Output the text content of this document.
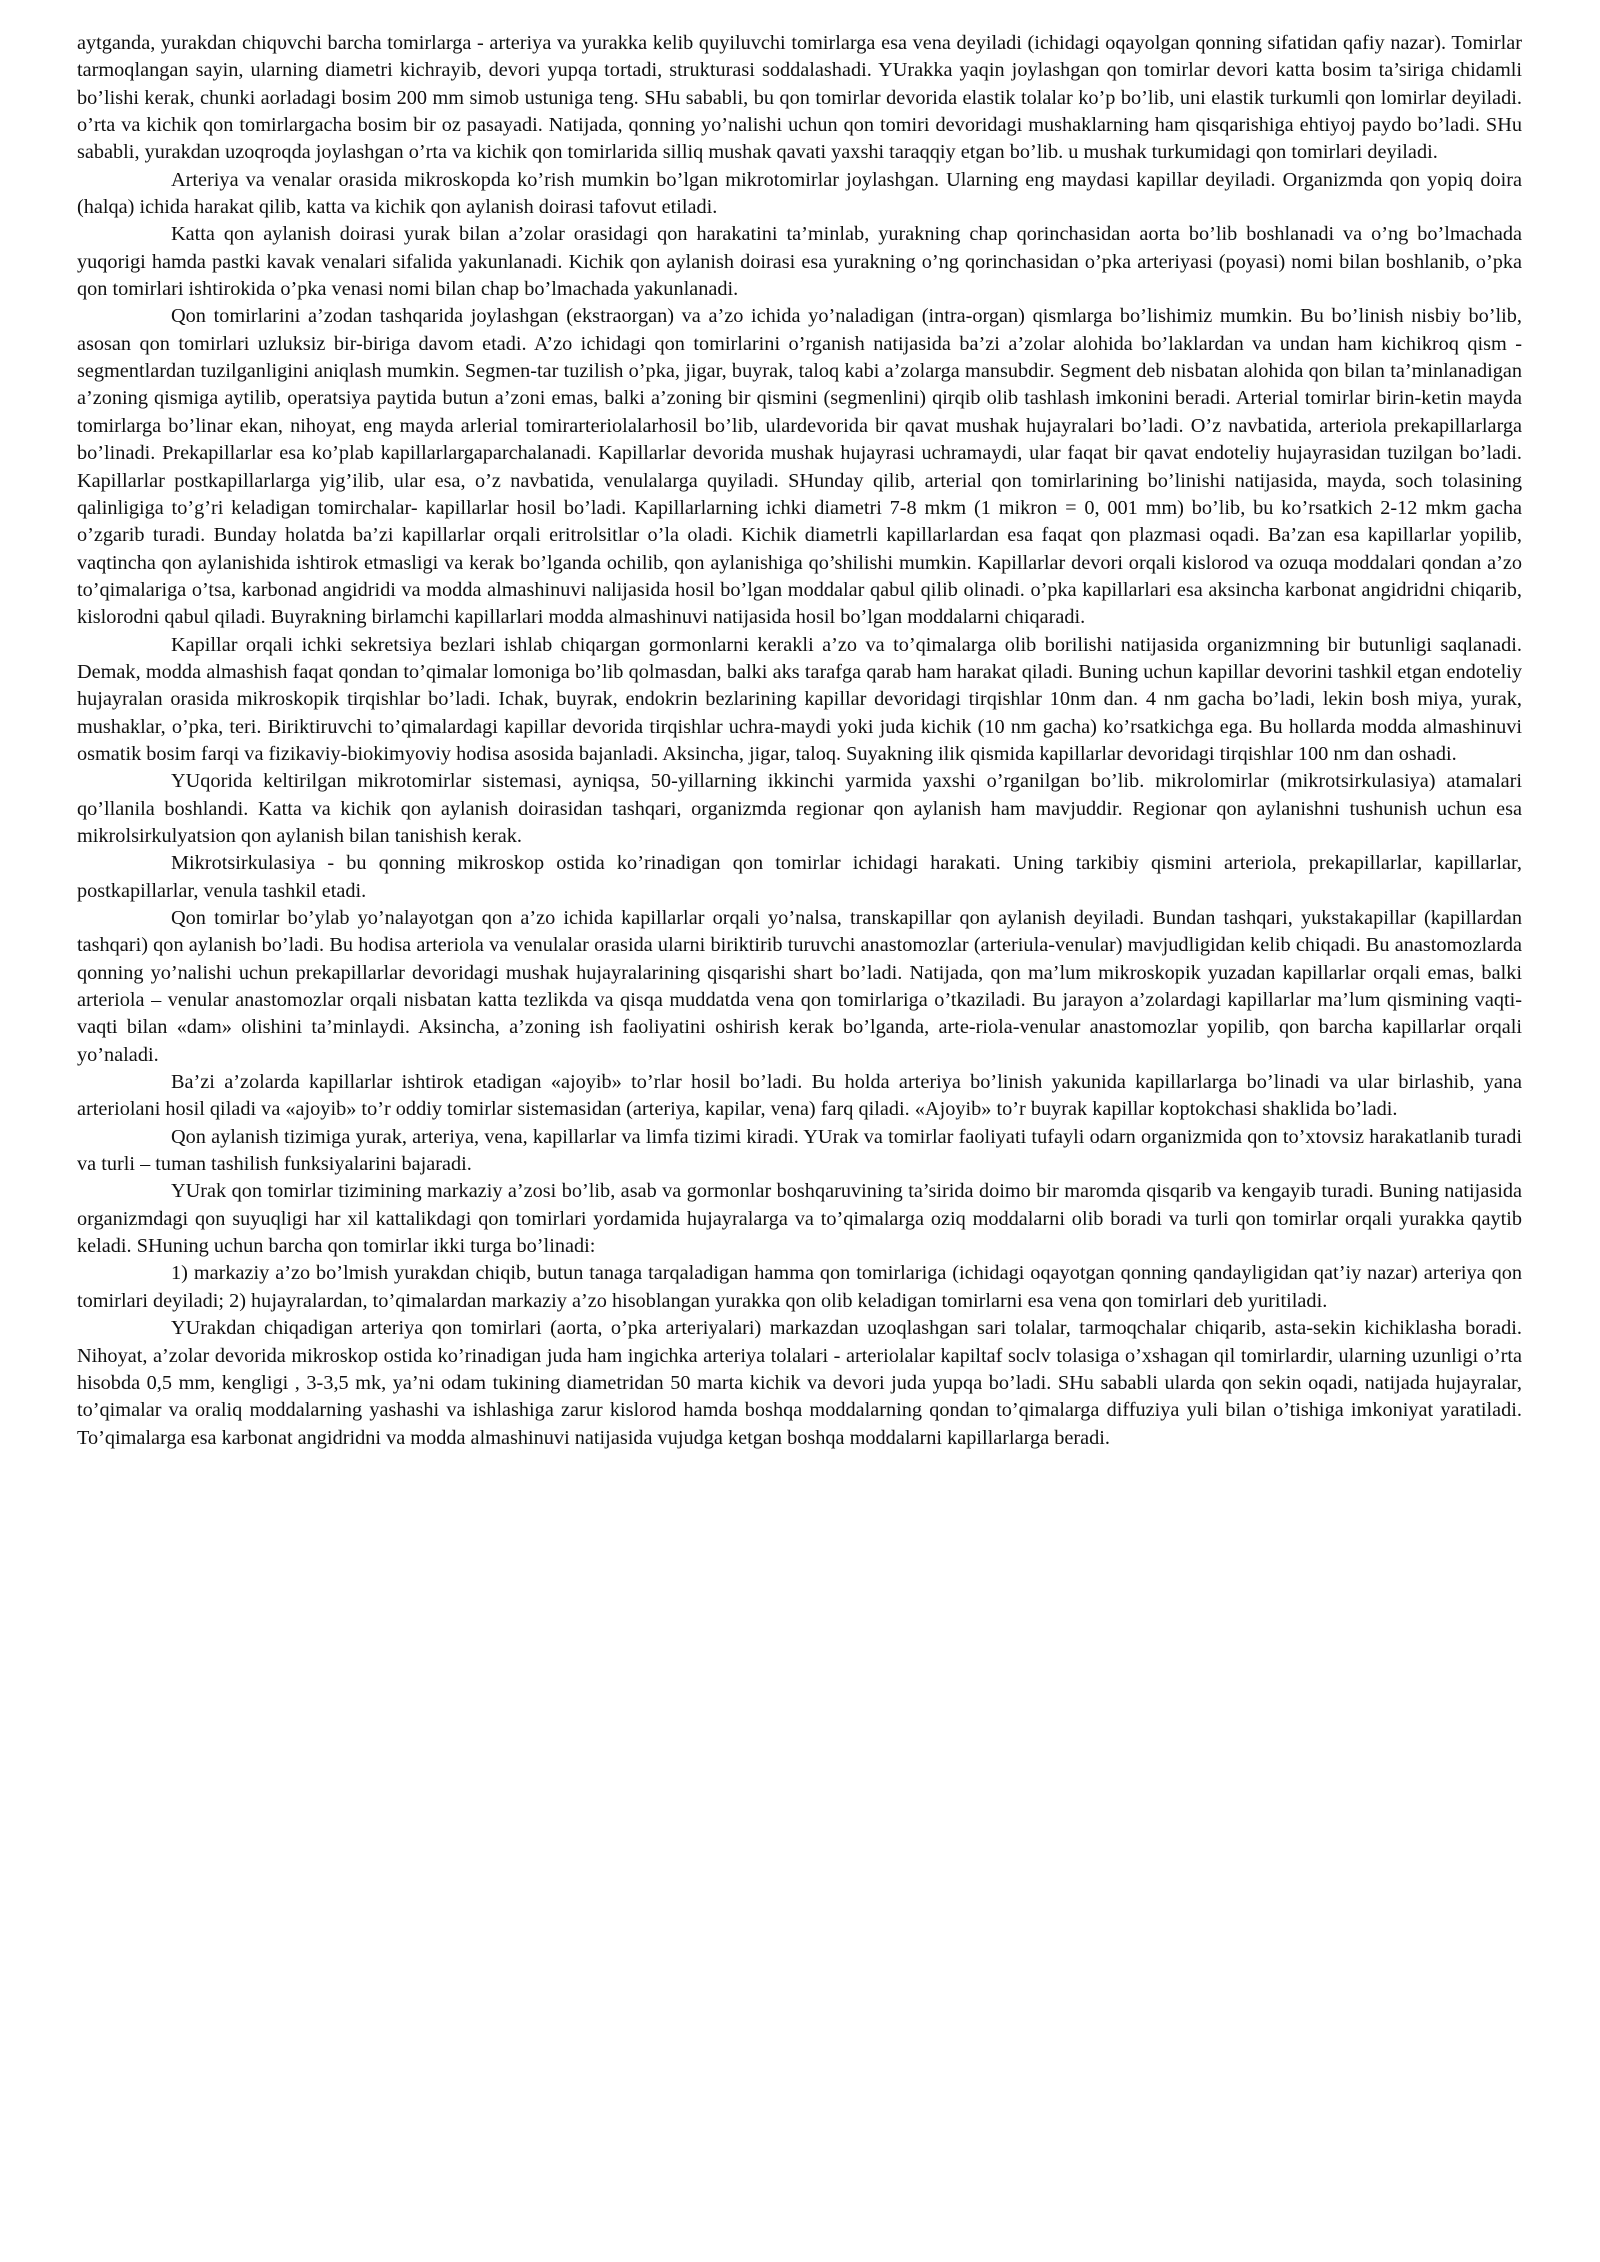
aytganda, yurakdan chiqυvchi barcha tomirlarga - arteriya va yurakka kelib quyiluvchi tomirlarga esa vena deyiladi (ichidagi oqayolgan qonning sifatidan qafiy nazar). Tomirlar tarmoqlangan sayin, ularning diametri kichrayib, devori yupqa tortadi, strukturasi soddalashadi. YUrakka yaqin joylashgan qon tomirlar devori katta bosim ta’siriga chidamli bo’lishi kerak, chunki aorladagi bosim 200 mm simob ustuniga teng. SHu sababli, bu qon tomirlar devorida elastik tolalar ko’p bo’lib, uni elastik turkumli qon lomirlar deyiladi. o’rta va kichik qon tomirlargacha bosim bir oz pasayadi. Natijada, qonning yo’nalishi uchun qon tomiri devoridagi mushaklarning ham qisqarishiga ehtiyoj paydo bo’ladi. SHu sababli, yurakdan uzoqroqda joylashgan o’rta va kichik qon tomirlarida silliq mushak qavati yaxshi taraqqiy etgan bo’lib. u mushak turkumidagi qon tomirlari deyiladi.

Arteriya va venalar orasida mikroskopda ko’rish mumkin bo’lgan mikrotomirlar joylashgan. Ularning eng maydasi kapillar deyiladi. Organizmda qon yopiq doira (halqa) ichida harakat qilib, katta va kichik qon aylanish doirasi tafovut etiladi.

Katta qon aylanish doirasi yurak bilan a’zolar orasidagi qon harakatini ta’minlab, yurakning chap qorinchasidan aorta bo’lib boshlanadi va o’ng bo’lmachada yuqorigi hamda pastki kavak venalari sifalida yakunlanadi. Kichik qon aylanish doirasi esa yurakning o’ng qorinchasidan o’pka arteriyasi (poyasi) nomi bilan boshlanib, o’pka qon tomirlari ishtirokida o’pka venasi nomi bilan chap bo’lmachada yakunlanadi.

Qon tomirlarini a’zodan tashqarida joylashgan (ekstraorgan) va a’zo ichida yo’naladigan (intra-organ) qismlarga bo’lishimiz mumkin. Bu bo’linish nisbiy bo’lib, asosan qon tomirlari uzluksiz bir-biriga davom etadi. A’zo ichidagi qon tomirlarini o’rganish natijasida ba’zi a’zolar alohida bo’laklardan va undan ham kichikroq qism - segmentlardan tuzilganligini aniqlash mumkin. Segmen-tar tuzilish o’pka, jigar, buyrak, taloq kabi a’zolarga mansubdir. Segment deb nisbatan alohida qon bilan ta’minlanadigan a’zoning qismiga aytilib, operatsiya paytida butun a’zoni emas, balki a’zoning bir qismini (segmenlini) qirqib olib tashlash imkonini beradi. Arterial tomirlar birin-ketin mayda tomirlarga bo’linar ekan, nihoyat, eng mayda arlerial tomirarteriolalarhosil bo’lib, ulardevorida bir qavat mushak hujayralari bo’ladi. O’z navbatida, arteriola prekapillarlarga bo’linadi. Prekapillarlar esa ko’plab kapillarlargaparchalanadi. Kapillarlar devorida mushak hujayrasi uchramaydi, ular faqat bir qavat endoteliy hujayrasidan tuzilgan bo’ladi. Kapillarlar postkapillarlarga yig’ilib, ular esa, o’z navbatida, venulalarga quyiladi. SHunday qilib, arterial qon tomirlarining bo’linishi natijasida, mayda, soch tolasining qalinligiga to’g’ri keladigan tomirchalar- kapillarlar hosil bo’ladi. Kapillarlarning ichki diametri 7-8 mkm (1 mikron = 0, 001 mm) bo’lib, bu ko’rsatkich 2-12 mkm gacha o’zgarib turadi. Bunday holatda ba’zi kapillarlar orqali eritrolsitlar o’la oladi. Kichik diametrli kapillarlardan esa faqat qon plazmasi oqadi. Ba’zan esa kapillarlar yopilib, vaqtincha qon aylanishida ishtirok etmasligi va kerak bo’lganda ochilib, qon aylanishiga qo’shilishi mumkin. Kapillarlar devori orqali kislorod va ozuqa moddalari qondan a’zo to’qimalariga o’tsa, karbonad angidridi va modda almashinuvi nalijasida hosil bo’lgan moddalar qabul qilib olinadi. o’pka kapillarlari esa aksincha karbonat angidridni chiqarib, kislorodni qabul qiladi. Buyrakning birlamchi kapillarlari modda almashinuvi natijasida hosil bo’lgan moddalarni chiqaradi.

Kapillar orqali ichki sekretsiya bezlari ishlab chiqargan gormonlarni kerakli a’zo va to’qimalarga olib borilishi natijasida organizmning bir butunligi saqlanadi. Demak, modda almashish faqat qondan to’qimalar lomoniga bo’lib qolmasdan, balki aks tarafga qarab ham harakat qiladi. Buning uchun kapillar devorini tashkil etgan endoteliy hujayralan orasida mikroskopik tirqishlar bo’ladi. Ichak, buyrak, endokrin bezlarining kapillar devoridagi tirqishlar 10nm dan. 4 nm gacha bo’ladi, lekin bosh miya, yurak, mushaklar, o’pka, teri. Biriktiruvchi to’qimalardagi kapillar devorida tirqishlar uchra-maydi yoki juda kichik (10 nm gacha) ko’rsatkichga ega. Bu hollarda modda almashinuvi osmatik bosim farqi va fizikaviy-biokimyoviy hodisa asosida bajanladi. Aksincha, jigar, taloq. Suyakning ilik qismida kapillarlar devoridagi tirqishlar 100 nm dan oshadi.

YUqorida keltirilgan mikrotomirlar sistemasi, ayniqsa, 50-yillarning ikkinchi yarmida yaxshi o’rganilgan bo’lib. mikrolomirlar (mikrotsirkulasiya) atamalari qo’llanila boshlandi. Katta va kichik qon aylanish doirasidan tashqari, organizmda regionar qon aylanish ham mavjuddir. Regionar qon aylanishni tushunish uchun esa mikrolsirkulyatsion qon aylanish bilan tanishish kerak.

Mikrotsirkulasiya - bu qonning mikroskop ostida ko’rinadigan qon tomirlar ichidagi harakati. Uning tarkibiy qismini arteriola, prekapillarlar, kapillarlar, postkapillarlar, venula tashkil etadi.

Qon tomirlar bo’ylab yo’nalayotgan qon a’zo ichida kapillarlar orqali yo’nalsa, transkapillar qon aylanish deyiladi. Bundan tashqari, yukstakapillar (kapillardan tashqari) qon aylanish bo’ladi. Bu hodisa arteriola va venulalar orasida ularni biriktirib turuvchi anastomozlar (arteriula-venular) mavjudligidan kelib chiqadi. Bu anastomozlarda qonning yo’nalishi uchun prekapillarlar devoridagi mushak hujayralarining qisqarishi shart bo’ladi. Natijada, qon ma’lum mikroskopik yuzadan kapillarlar orqali emas, balki arteriola – venular anastomozlar orqali nisbatan katta tezlikda va qisqa muddatda vena qon tomirlariga o’tkaziladi. Bu jarayon a’zolardagi kapillarlar ma’lum qismining vaqti-vaqti bilan «dam» olishini ta’minlaydi. Aksincha, a’zoning ish faoliyatini oshirish kerak bo’lganda, arte-riola-venular anastomozlar yopilib, qon barcha kapillarlar orqali yo’naladi.

Ba’zi a’zolarda kapillarlar ishtirok etadigan «ajoyib» to’rlar hosil bo’ladi. Bu holda arteriya bo’linish yakunida kapillarlarga bo’linadi va ular birlashib, yana arteriolani hosil qiladi va «ajoyib» to’r oddiy tomirlar sistemasidan (arteriya, kapilar, vena) farq qiladi. «Ajoyib» to’r buyrak kapillar koptokchasi shaklida bo’ladi.

Qon aylanish tizimiga yurak, arteriya, vena, kapillarlar va limfa tizimi kiradi. YUrak va tomirlar faoliyati tufayli odarn organizmida qon to’xtovsiz harakatlanib turadi va turli – tuman tashilish funksiyalarini bajaradi.

YUrak qon tomirlar tizimining markaziy a’zosi bo’lib, asab va gormonlar boshqaruvining ta’sirida doimo bir maromda qisqarib va kengayib turadi. Buning natijasida organizmdagi qon suyuqligi har xil kattalikdagi qon tomirlari yordamida hujayralarga va to’qimalarga oziq moddalarni olib boradi va turli qon tomirlar orqali yurakka qaytib keladi. SHuning uchun barcha qon tomirlar ikki turga bo’linadi:

1) markaziy a’zo bo’lmish yurakdan chiqib, butun tanaga tarqaladigan hamma qon tomirlariga (ichidagi oqayotgan qonning qandayligidan qat’iy nazar) arteriya qon tomirlari deyiladi; 2) hujayralardan, to’qimalardan markaziy a’zo hisoblangan yurakka qon olib keladigan tomirlarni esa vena qon tomirlari deb yuritiladi.

YUrakdan chiqadigan arteriya qon tomirlari (aorta, o’pka arteriyalari) markazdan uzoqlashgan sari tolalar, tarmoqchalar chiqarib, asta-sekin kichiklasha boradi. Nihoyat, a’zolar devorida mikroskop ostida ko’rinadigan juda ham ingichka arteriya tolalari - arteriolalar kapiltaf soclv tolasiga o’xshagan qil tomirlardir, ularning uzunligi o’rta hisobda 0,5 mm, kengligi , 3-3,5 mk, ya’ni odam tukining diametridan 50 marta kichik va devori juda yupqa bo’ladi. SHu sababli ularda qon sekin oqadi, natijada hujayralar, to’qimalar va oraliq moddalarning yashashi va ishlashiga zarur kislorod hamda boshqa moddalarning qondan to’qimalarga diffuziya yuli bilan o’tishiga imkoniyat yaratiladi. To’qimalarga esa karbonat angidridni va modda almashinuvi natijasida vujudga ketgan boshqa moddalarni kapillarlarga beradi.
